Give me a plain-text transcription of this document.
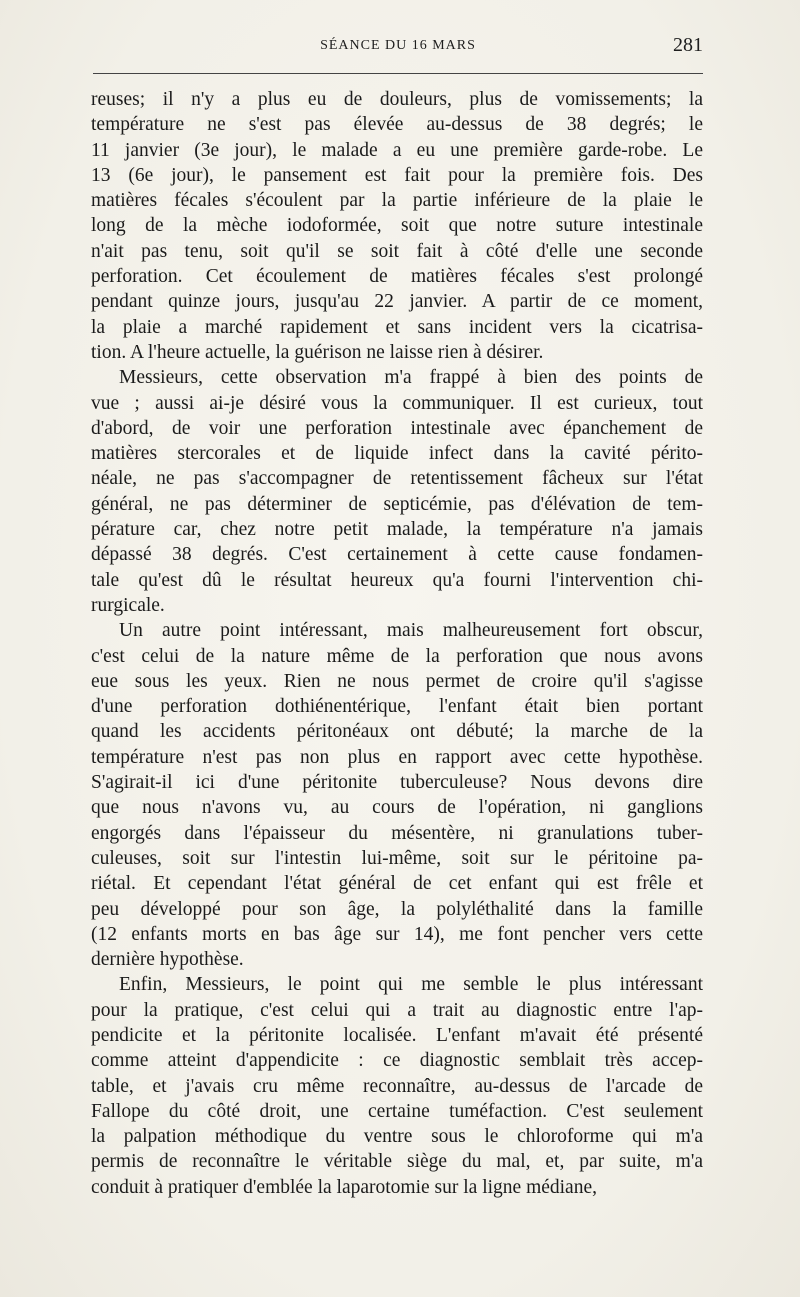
SÉANCE DU 16 MARS	281
reuses; il n'y a plus eu de douleurs, plus de vomissements; la
température ne s'est pas élevée au-dessus de 38 degrés; le
11 janvier (3e jour), le malade a eu une première garde-robe. Le
13 (6e jour), le pansement est fait pour la première fois. Des
matières fécales s'écoulent par la partie inférieure de la plaie le
long de la mèche iodoformée, soit que notre suture intestinale
n'ait pas tenu, soit qu'il se soit fait à côté d'elle une seconde
perforation. Cet écoulement de matières fécales s'est prolongé
pendant quinze jours, jusqu'au 22 janvier. A partir de ce moment,
la plaie a marché rapidement et sans incident vers la cicatrisa-
tion. A l'heure actuelle, la guérison ne laisse rien à désirer.
Messieurs, cette observation m'a frappé à bien des points de
vue ; aussi ai-je désiré vous la communiquer. Il est curieux, tout
d'abord, de voir une perforation intestinale avec épanchement de
matières stercorales et de liquide infect dans la cavité périto-
néale, ne pas s'accompagner de retentissement fâcheux sur l'état
général, ne pas déterminer de septicémie, pas d'élévation de tem-
pérature car, chez notre petit malade, la température n'a jamais
dépassé 38 degrés. C'est certainement à cette cause fondamen-
tale qu'est dû le résultat heureux qu'a fourni l'intervention chi-
rurgicale.
Un autre point intéressant, mais malheureusement fort obscur,
c'est celui de la nature même de la perforation que nous avons
eue sous les yeux. Rien ne nous permet de croire qu'il s'agisse
d'une perforation dothiénentérique, l'enfant était bien portant
quand les accidents péritonéaux ont débuté; la marche de la
température n'est pas non plus en rapport avec cette hypothèse.
S'agirait-il ici d'une péritonite tuberculeuse? Nous devons dire
que nous n'avons vu, au cours de l'opération, ni ganglions
engorgés dans l'épaisseur du mésentère, ni granulations tuber-
culeuses, soit sur l'intestin lui-même, soit sur le péritoine pa-
riétal. Et cependant l'état général de cet enfant qui est frêle et
peu développé pour son âge, la polyléthalité dans la famille
(12 enfants morts en bas âge sur 14), me font pencher vers cette
dernière hypothèse.
Enfin, Messieurs, le point qui me semble le plus intéressant
pour la pratique, c'est celui qui a trait au diagnostic entre l'ap-
pendicite et la péritonite localisée. L'enfant m'avait été présenté
comme atteint d'appendicite : ce diagnostic semblait très accep-
table, et j'avais cru même reconnaître, au-dessus de l'arcade de
Fallope du côté droit, une certaine tuméfaction. C'est seulement
la palpation méthodique du ventre sous le chloroforme qui m'a
permis de reconnaître le véritable siège du mal, et, par suite, m'a
conduit à pratiquer d'emblée la laparotomie sur la ligne médiane,
